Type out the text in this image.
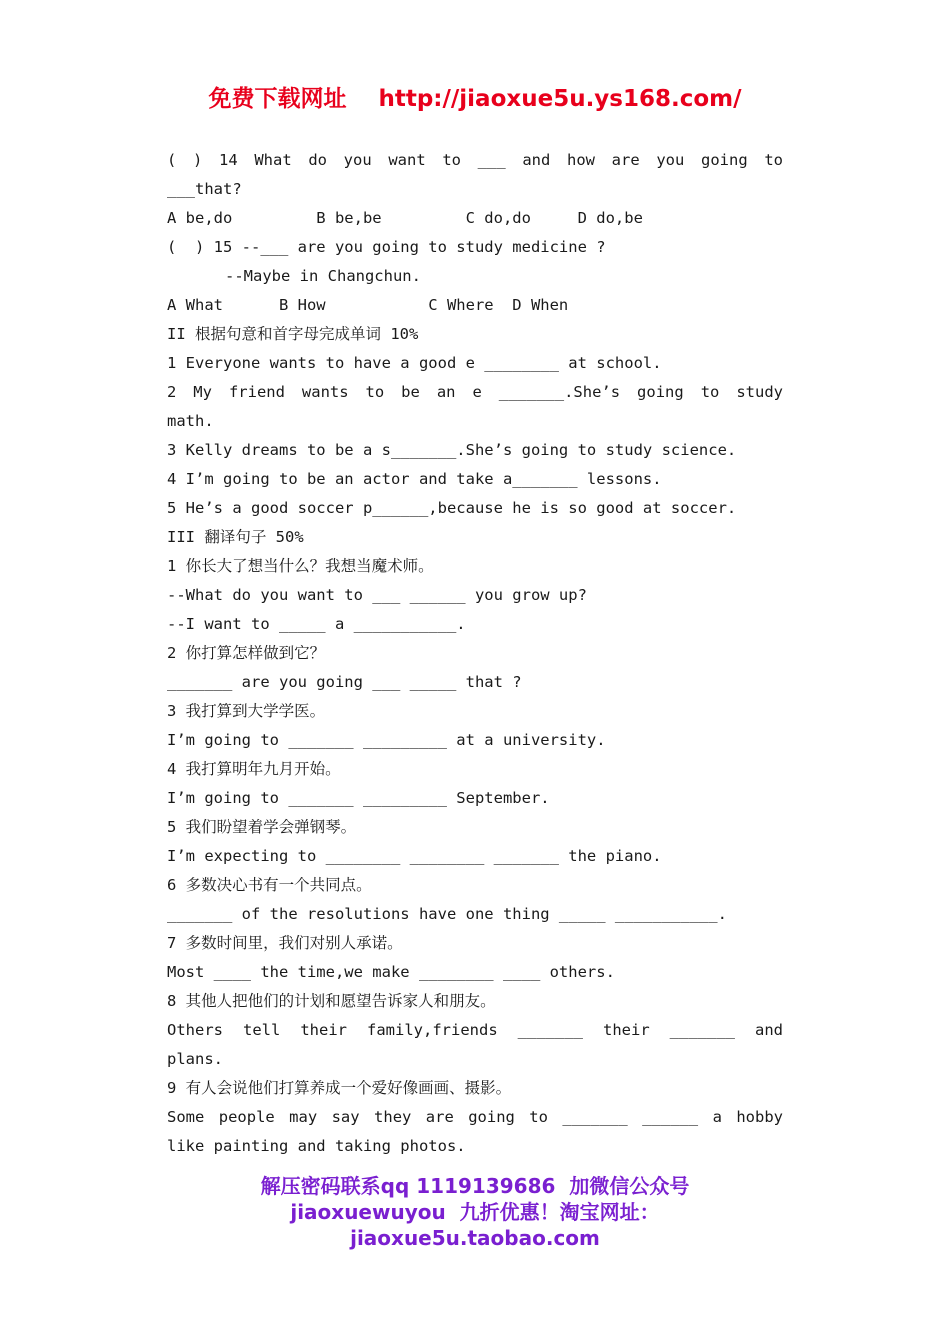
免费下载网址    http://jiaoxue5u.ys168.com/
( ) 14 What do you want to ___ and how are you going to
___that?
A be,do         B be,be         C do,do     D do,be
(  ) 15 --___ are you going to study medicine ?
--Maybe in Changchun.
A What      B How           C Where  D When
II 根据句意和首字母完成单词 10%
1 Everyone wants to have a good e ________ at school.
2 My friend wants to be an e _______.She’s going to study
math.
3 Kelly dreams to be a s_______.She’s going to study science.
4 I’m going to be an actor and take a_______ lessons.
5 He’s a good soccer p______,because he is so good at soccer.
III 翻译句子 50%
1 你长大了想当什么？我想当魔术师。
--What do you want to ___ ______ you grow up?
--I want to _____ a ___________.
2 你打算怎样做到它？
_______ are you going ___ _____ that ?
3 我打算到大学学医。
I’m going to _______ _________ at a university.
4 我打算明年九月开始。
I’m going to _______ _________ September.
5 我们盼望着学会弹钢琴。
I’m expecting to ________ ________ _______ the piano.
6 多数决心书有一个共同点。
_______ of the resolutions have one thing _____ ___________.
7 多数时间里，我们对别人承诺。
Most ____ the time,we make ________ ____ others.
8 其他人把他们的计划和愿望告诉家人和朋友。
Others tell their family,friends _______ their _______ and
plans.
9 有人会说他们打算养成一个爱好像画画、摄影。
Some people may say they are going to _______ ______ a hobby
like painting and taking photos.
解压密码联系qq 1119139686  加微信公众号
jiaoxuewuyou  九折优惠！淘宝网址：
jiaoxue5u.taobao.com
